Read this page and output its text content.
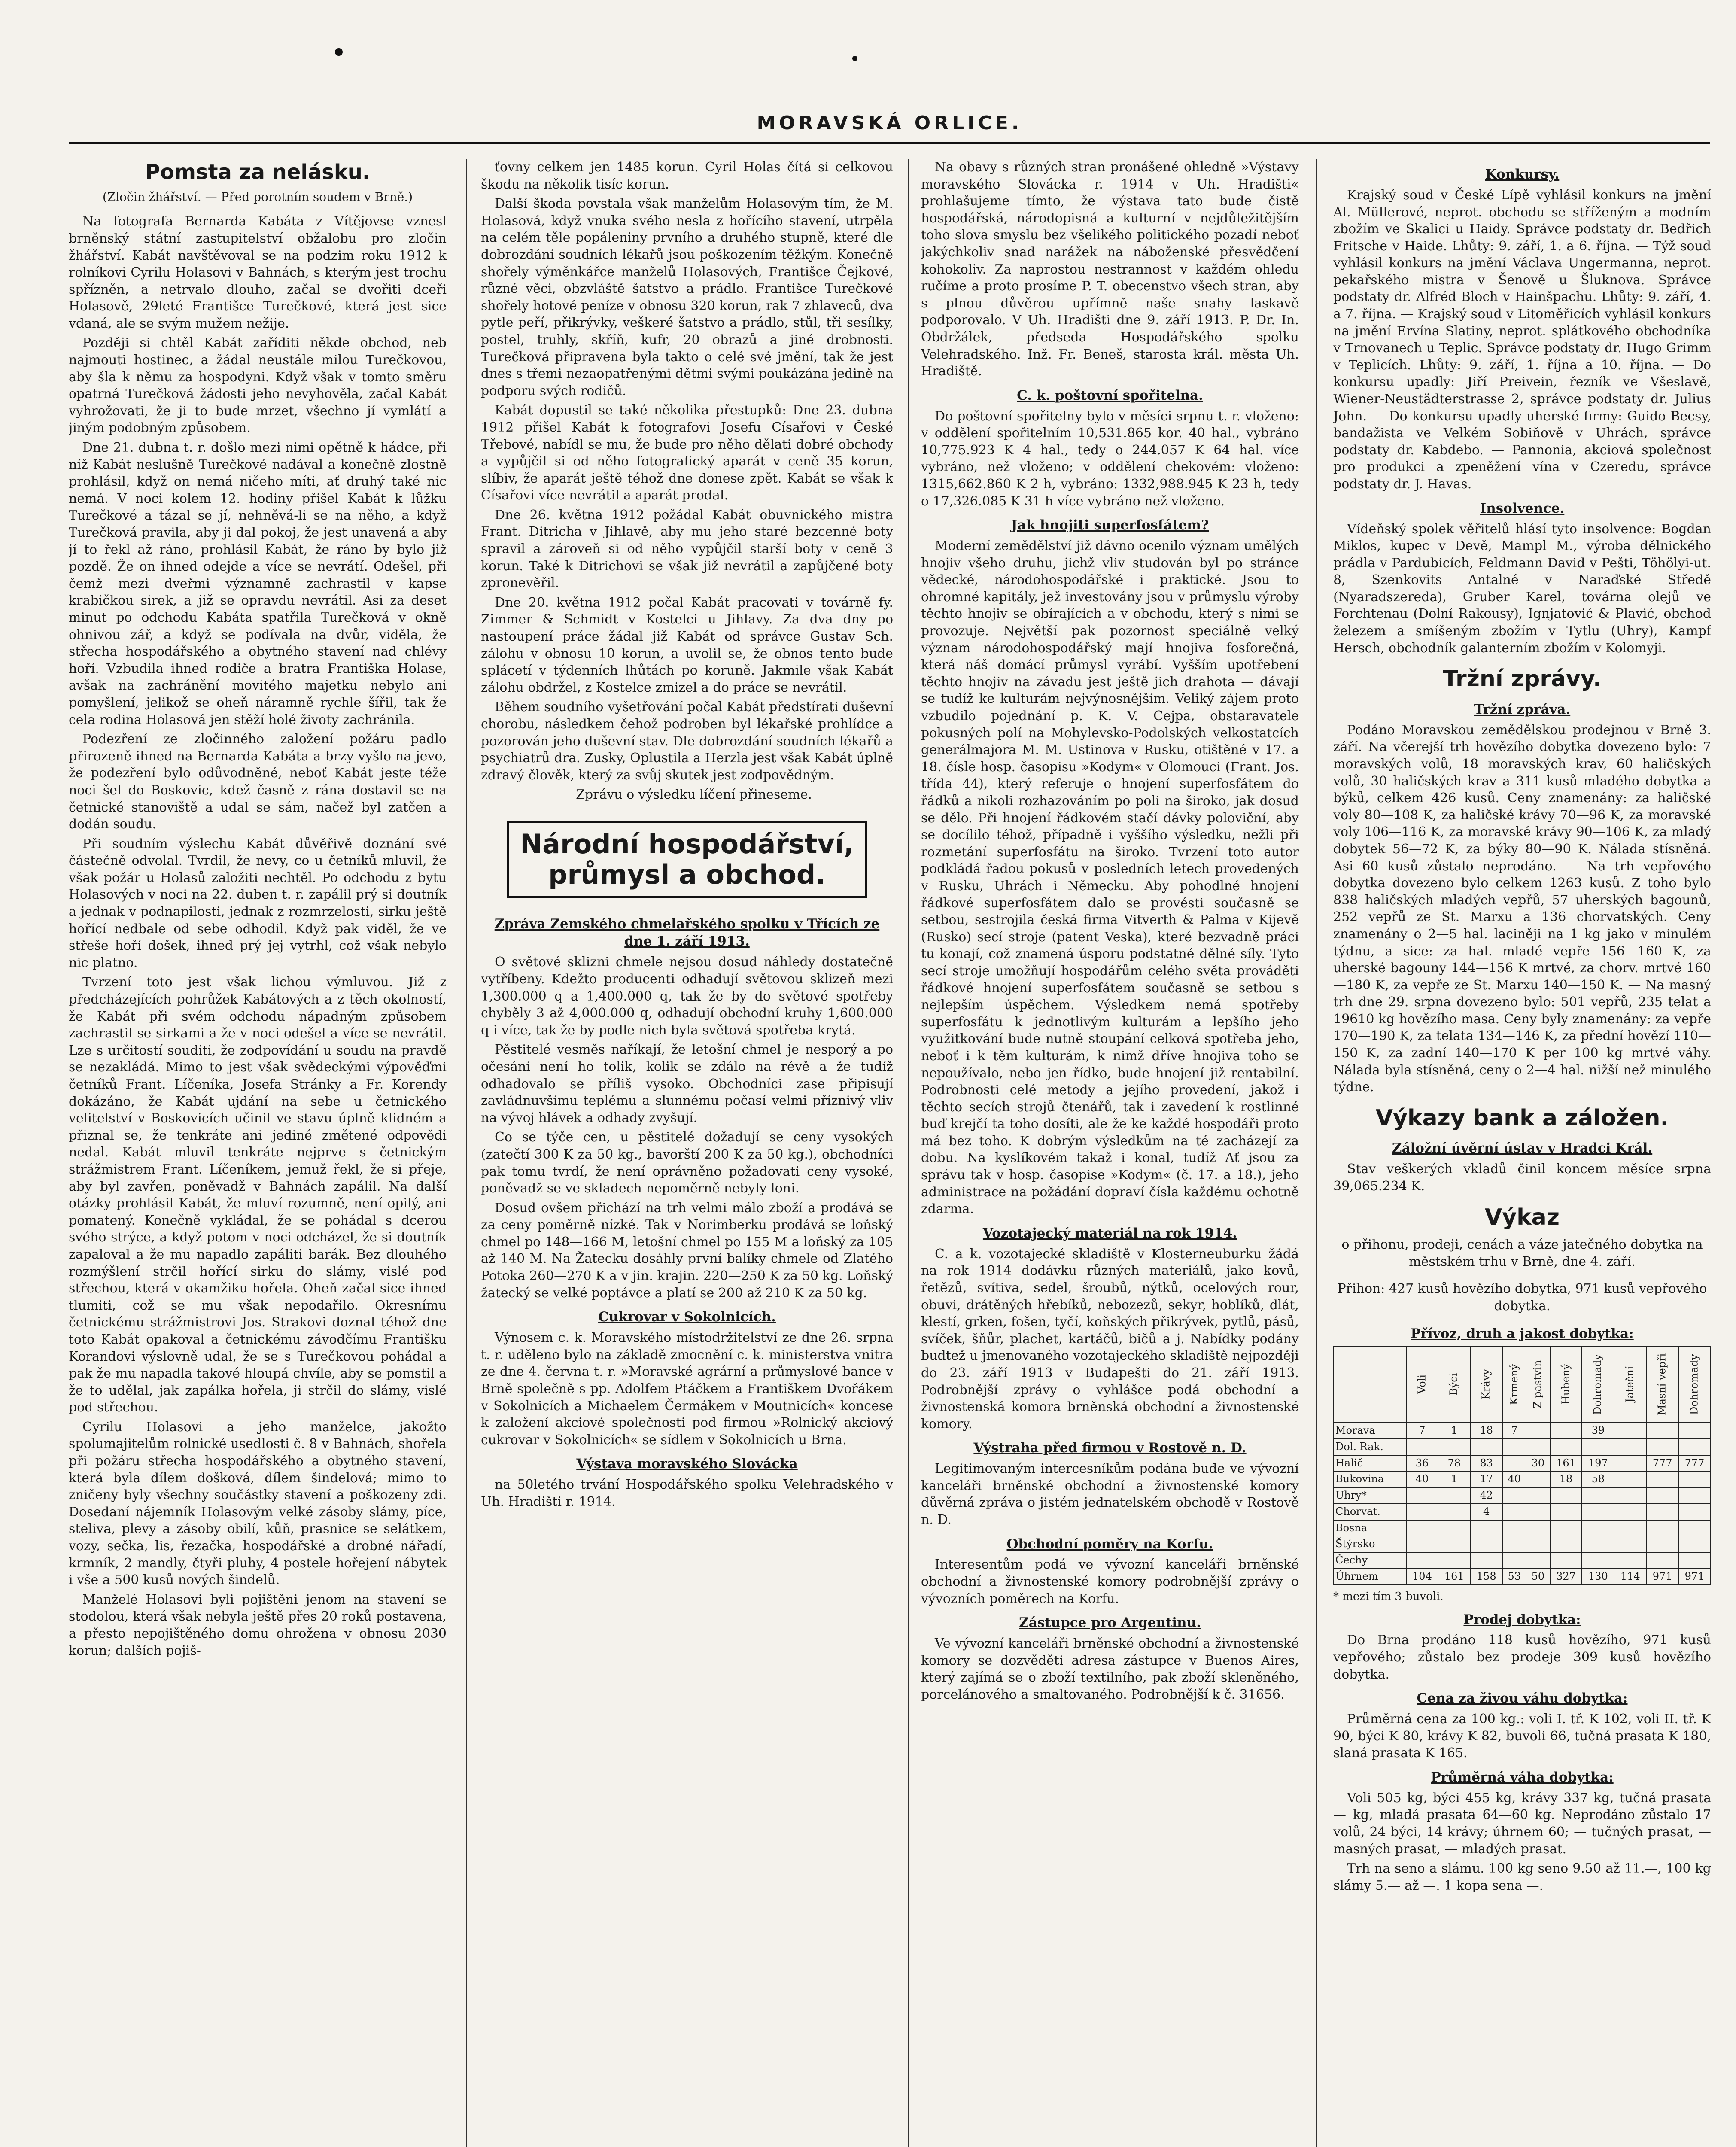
MORAVSKÁ ORLICE.
Pomsta za nelásku.
(Zločin žhářství. — Před porotním soudem v Brně.)

Na fotografa Bernarda Kabáta z Vítějovse vznesl brněnský státní zastupitelství obžalobu pro zločin žhářství. Kabát navštěvoval se na podzim roku 1912 k rolníkovi Cyrilu Holasovi v Bahnách, s kterým jest trochu spřízněn, a netrvalo dlouho, začal se dvořiti dceři Holasově, 29leté Františce Turečkové, která jest sice vdaná, ale se svým mužem nežije.

Později si chtěl Kabát zaříditi někde obchod, neb najmouti hostinec, a žádal neustále milou Turečkovou, aby šla k němu za hospodyni. Když však v tomto směru opatrná Turečková žádosti jeho nevyhověla, začal Kabát vyhrožovati, že ji to bude mrzet, všechno jí vymlátí a jiným podobným způsobem.

Dne 21. dubna t. r. došlo mezi nimi opětně k hádce, při níž Kabát neslušně Turečkové nadával a konečně zlostně prohlásil, když on nemá ničeho míti, ať druhý také nic nemá. V noci kolem 12. hodiny přišel Kabát k lůžku Turečkové a tázal se jí, nehněvá-li se na něho, a když Turečková pravila, aby ji dal pokoj, že jest unavená a aby jí to řekl až ráno, prohlásil Kabát, že ráno by bylo již pozdě. Že on ihned odejde a více se nevrátí. Odešel, při čemž mezi dveřmi významně zachrastil v kapse krabičkou sirek, a již se opravdu nevrátil. Asi za deset minut po odchodu Kabáta spatřila Turečková v okně ohnivou zář, a když se podívala na dvůr, viděla, že střecha hospodářského a obytného stavení nad chlévy hoří. Vzbudila ihned rodiče a bratra Františka Holase, avšak na zachránění movitého majetku nebylo ani pomyšlení, jelikož se oheň náramně rychle šířil, tak že cela rodina Holasová jen stěží holé životy zachránila.

Podezření ze zločinného založení požáru padlo přirozeně ihned na Bernarda Kabáta a brzy vyšlo na jevo, že podezření bylo odůvodněné, neboť Kabát jeste téže noci šel do Boskovic, kdež časně z rána dostavil se na četnické stanoviště a udal se sám, načež byl zatčen a dodán soudu.

Při soudním výslechu Kabát důvěřivě doznání své částečně odvolal. Tvrdil, že nevy, co u četníků mluvil, že však požár u Holasů založiti nechtěl. Po odchodu z bytu Holasových v noci na 22. duben t. r. zapálil prý si doutník a jednak v podnapilosti, jednak z rozmrzelosti, sirku ještě hořící nedbale od sebe odhodil. Když pak viděl, že ve střeše hoří došek, ihned prý jej vytrhl, což však nebylo nic platno.

Tvrzení toto jest však lichou výmluvou. Již z předcházejících pohrůžek Kabátových a z těch okolností, že Kabát při svém odchodu nápadným způsobem zachrastil se sirkami a že v noci odešel a více se nevrátil. Lze s určitostí souditi, že zodpovídání u soudu na pravdě se nezakládá. Mimo to jest však svědeckými výpověďmi četníků Frant. Líčeníka, Josefa Stránky a Fr. Korendy dokázáno, že Kabát ujdání na sebe u četnického velitelství v Boskovicích učinil ve stavu úplně klidném a přiznal se, že tenkráte ani jediné změtené odpovědi nedal. Kabát mluvil tenkráte nejprve s četnickým strážmistrem Frant. Líčeníkem, jemuž řekl, že si přeje, aby byl zavřen, poněvadž v Bahnách zapálil. Na další otázky prohlásil Kabát, že mluví rozumně, není opilý, ani pomatený. Konečně vykládal, že se pohádal s dcerou svého strýce, a když potom v noci odcházel, že si doutník zapaloval a že mu napadlo zapáliti barák. Bez dlouhého rozmýšlení strčil hořící sirku do slámy, vislé pod střechou, která v okamžiku hořela. Oheň začal sice ihned tlumiti, což se mu však nepodařilo. Okresnímu četnickému strážmistrovi Jos. Strakovi doznal téhož dne toto Kabát opakoval a četnickému závodčímu Františku Korandovi výslovně udal, že se s Turečkovou pohádal a pak že mu napadla takové hloupá chvíle, aby se pomstil a že to udělal, jak zapálka hořela, ji strčil do slámy, vislé pod střechou.

Cyrilu Holasovi a jeho manželce, jakožto spolumajitelům rolnické usedlosti č. 8 v Bahnách, shořela při požáru střecha hospodářského a obytného stavení, která byla dílem došková, dílem šindelová; mimo to zničeny byly všechny součástky stavení a poškozeny zdi. Dosedaní nájemník Holasovým velké zásoby slámy, píce, steliva, plevy a zásoby obilí, kůň, prasnice se selátkem, vozy, sečka, lis, řezačka, hospodářské a drobné nářadí, krmník, 2 mandly, čtyři pluhy, 4 postele hořejení nábytek i vše a 500 kusů nových šindelů.

Manželé Holasovi byli pojištěni jenom na stavení se stodolou, která však nebyla ještě přes 20 roků postavena, a přesto nepojištěného domu ohrožena v obnosu 2030 korun; dalších pojiš-

ťovny celkem jen 1485 korun. Cyril Holas čítá si celkovou škodu na několik tisíc korun.

Další škoda povstala však manželům Holasovým tím, že M. Holasová, když vnuka svého nesla z hořícího stavení, utrpěla na celém těle popáleniny prvního a druhého stupně, které dle dobrozdání soudních lékařů jsou poškozením těžkým. Konečně shořely výměnkářce manželů Holasových, Františce Čejkové, různé věci, obzvláště šatstvo a prádlo. Františce Turečkové shořely hotové peníze v obnosu 320 korun, rak 7 zhlaveců, dva pytle peří, přikrývky, veškeré šatstvo a prádlo, stůl, tři sesílky, postel, truhly, skříň, kufr, 20 obrazů a jiné drobnosti. Turečková připravena byla takto o celé své jmění, tak že jest dnes s třemi nezaopatřenými dětmi svými poukázána jedině na podporu svých rodičů.

Kabát dopustil se také několika přestupků: Dne 23. dubna 1912 přišel Kabát k fotografovi Josefu Císařovi v České Třebové, nabídl se mu, že bude pro něho dělati dobré obchody a vypůjčil si od něho fotografický aparát v ceně 35 korun, slíbiv, že aparát ještě téhož dne donese zpět. Kabát se však k Císařovi více nevrátil a aparát prodal.

Dne 26. května 1912 požádal Kabát obuvnického mistra Frant. Ditricha v Jihlavě, aby mu jeho staré bezcenné boty spravil a zároveň si od něho vypůjčil starší boty v ceně 3 korun. Také k Ditrichovi se však již nevrátil a zapůjčené boty zpronevěřil.

Dne 20. května 1912 počal Kabát pracovati v továrně fy. Zimmer & Schmidt v Kostelci u Jihlavy. Za dva dny po nastoupení práce žádal již Kabát od správce Gustav Sch. zálohu v obnosu 10 korun, a uvolil se, že obnos tento bude splácetí v týdenních lhůtách po koruně. Jakmile však Kabát zálohu obdržel, z Kostelce zmizel a do práce se nevrátil.

Během soudního vyšetřování počal Kabát předstírati duševní chorobu, následkem čehož podroben byl lékařské prohlídce a pozorován jeho duševní stav. Dle dobrozdání soudních lékařů a psychiatrů dra. Zusky, Oplustila a Herzla jest však Kabát úplně zdravý člověk, který za svůj skutek jest zodpovědným.

Zprávu o výsledku líčení přineseme.

Národní hospodářství, průmysl a obchod.
Zpráva Zemského chmelařského spolku v Třících ze dne 1. září 1913.

O světové sklizni chmele nejsou dosud náhledy dostatečně vytříbeny. Kdežto producenti odhadují světovou sklizeň mezi 1,300.000 q a 1,400.000 q, tak že by do světové spotřeby chyběly 3 až 4,000.000 q, odhadují obchodní kruhy 1,600.000 q i více, tak že by podle nich byla světová spotřeba krytá.

Pěstitelé vesměs naříkají, že letošní chmel je nesporý a po očesání není ho tolik, kolik se zdálo na révě a že tudíž odhadovalo se příliš vysoko. Obchodníci zase připisují zavládnuvšímu teplému a slunnému počasí velmi příznivý vliv na vývoj hlávek a odhady zvyšují.

Co se týče cen, u pěstitelé dožadují se ceny vysokých (zatečtí 300 K za 50 kg., bavorští 200 K za 50 kg.), obchodníci pak tomu tvrdí, že není oprávněno požadovati ceny vysoké, poněvadž se ve skladech nepoměrně nebyly loni.

Dosud ovšem přichází na trh velmi málo zboží a prodává se za ceny poměrně nízké. Tak v Norimberku prodává se loňský chmel po 148—166 M, letošní chmel po 155 M a loňský za 105 až 140 M. Na Žatecku dosáhly první balíky chmele od Zlatého Potoka 260—270 K a v jin. krajin. 220—250 K za 50 kg. Loňský žatecký se velké poptávce a platí se 200 až 210 K za 50 kg.

Cukrovar v Sokolnicích.

Výnosem c. k. Moravského místodržitelství ze dne 26. srpna t. r. uděleno bylo na základě zmocnění c. k. ministerstva vnitra ze dne 4. června t. r. »Moravské agrární a průmyslové bance v Brně společně s pp. Adolfem Ptáčkem a Františkem Dvořákem v Sokolnicích a Michaelem Čermákem v Moutnicích« koncese k založení akciové společnosti pod firmou »Rolnický akciový cukrovar v Sokolnicích« se sídlem v Sokolnicích u Brna.

Výstava moravského Slovácka

na 50letého trvání Hospodářského spolku Velehradského v Uh. Hradišti r. 1914.

Na obavy s různých stran pronášené ohledně »Výstavy moravského Slovácka r. 1914 v Uh. Hradišti« prohlašujeme tímto, že výstava tato bude čistě hospodářská, národopisná a kulturní v nejdůležitějším toho slova smyslu bez všelikého politického pozadí neboť jakýchkoliv snad narážek na náboženské přesvědčení kohokoliv. Za naprostou nestrannost v každém ohledu ručíme a proto prosíme P. T. obecenstvo všech stran, aby s plnou důvěrou upřímně naše snahy laskavě podporovalo. V Uh. Hradišti dne 9. září 1913. P. Dr. In. Obdržálek, předseda Hospodářského spolku Velehradského. Inž. Fr. Beneš, starosta král. města Uh. Hradiště.

C. k. poštovní spořitelna.

Do poštovní spořitelny bylo v měsíci srpnu t. r. vloženo: v oddělení spořitelním 10,531.865 kor. 40 hal., vybráno 10,775.923 K 4 hal., tedy o 244.057 K 64 hal. více vybráno, než vloženo; v oddělení chekovém: vloženo: 1315,662.860 K 2 h, vybráno: 1332,988.945 K 23 h, tedy o 17,326.085 K 31 h více vybráno než vloženo.

Jak hnojiti superfosfátem?

Moderní zemědělství již dávno ocenilo význam umělých hnojiv všeho druhu, jichž vliv studován byl po stránce vědecké, národohospodářské i praktické. Jsou to ohromné kapitály, jež investovány jsou v průmyslu výroby těchto hnojiv se obírajících a v obchodu, který s nimi se provozuje. Největší pak pozornost speciálně velký význam národohospodářský mají hnojiva fosforečná, která náš domácí průmysl vyrábí. Vyšším upotřebení těchto hnojiv na závadu jest ještě jich drahota — dávají se tudíž ke kulturám nejvýnosnějším. Veliký zájem proto vzbudilo pojednání p. K. V. Cejpa, obstaravatele pokusných polí na Mohylevsko-Podolských velkostatcích generálmajora M. M. Ustinova v Rusku, otištěné v 17. a 18. čísle hosp. časopisu »Kodym« v Olomouci (Frant. Jos. třída 44), který referuje o hnojení superfosfátem do řádků a nikoli rozhazováním po poli na široko, jak dosud se dělo. Při hnojení řádkovém stačí dávky poloviční, aby se docílilo téhož, případně i vyššího výsledku, nežli při rozmetání superfosfátu na široko. Tvrzení toto autor podkládá řadou pokusů v posledních letech provedených v Rusku, Uhrách i Německu. Aby pohodlné hnojení řádkové superfosfátem dalo se provésti současně se setbou, sestrojila česká firma Vitverth & Palma v Kijevě (Rusko) secí stroje (patent Veska), které bezvadně práci tu konají, což znamená úsporu podstatné dělné síly. Tyto secí stroje umožňují hospodářům celého světa prováděti řádkové hnojení superfosfátem současně se setbou s nejlepším úspěchem. Výsledkem nemá spotřeby superfosfátu k jednotlivým kulturám a lepšího jeho využitkování bude nutně stoupání celková spotřeba jeho, neboť i k těm kulturám, k nimž dříve hnojiva toho se nepoužívalo, nebo jen řídko, bude hnojení již rentabilní. Podrobnosti celé metody a jejího provedení, jakož i těchto secích strojů čtenářů, tak i zavedení k rostlinné buď krejčí ta toho dosíti, ale že ke každé hospodáři proto má bez toho. K dobrým výsledkům na té zacházejí za dobu. Na kyslíkovém takaž i konal, tudíž Ať jsou za správu tak v hosp. časopise »Kodym« (č. 17. a 18.), jeho administrace na požádání dopraví čísla každému ochotně zdarma.

Vozotajecký materiál na rok 1914.

C. a k. vozotajecké skladiště v Klosterneuburku žádá na rok 1914 dodávku různých materiálů, jako kovů, řetězů, svítiva, sedel, šroubů, nýtků, ocelových rour, obuvi, drátěných hřebíků, nebozezů, sekyr, hoblíků, dlát, klestí, grken, fošen, tyčí, koňských přikrývek, pytlů, pásů, svíček, šňůr, plachet, kartáčů, bičů a j. Nabídky podány budtež u jmenovaného vozotajeckého skladiště nejpozději do 23. září 1913 v Budapešti do 21. září 1913. Podrobnější zprávy o vyhlášce podá obchodní a živnostenská komora brněnská obchodní a živnostenské komory.

Výstraha před firmou v Rostově n. D.

Legitimovaným intercesníkům podána bude ve vývozní kanceláři brněnské obchodní a živnostenské komory důvěrná zpráva o jistém jednatelském obchodě v Rostově n. D.

Obchodní poměry na Korfu.

Interesentům podá ve vývozní kanceláři brněnské obchodní a živnostenské komory podrobnější zprávy o vývozních poměrech na Korfu.

Zástupce pro Argentinu.

Ve vývozní kanceláři brněnské obchodní a živnostenské komory se dozvěděti adresa zástupce v Buenos Aires, který zajímá se o zboží textilního, pak zboží skleněného, porcelánového a smaltovaného. Podrobnější k č. 31656.

Konkursy.

Krajský soud v České Lípě vyhlásil konkurs na jmění Al. Müllerové, neprot. obchodu se stříženým a modním zbožím ve Skalici u Haidy. Správce podstaty dr. Bedřich Fritsche v Haide. Lhůty: 9. září, 1. a 6. října. — Týž soud vyhlásil konkurs na jmění Václava Ungermanna, neprot. pekařského mistra v Šenově u Šluknova. Správce podstaty dr. Alfréd Bloch v Hainšpachu. Lhůty: 9. září, 4. a 7. října. — Krajský soud v Litoměřicích vyhlásil konkurs na jmění Ervína Slatiny, neprot. splátkového obchodníka v Trnovanech u Teplic. Správce podstaty dr. Hugo Grimm v Teplicích. Lhůty: 9. září, 1. října a 10. října. — Do konkursu upadly: Jiří Preivein, řezník ve Všeslavě, Wiener-Neustädterstrasse 2, správce podstaty dr. Julius John. — Do konkursu upadly uherské firmy: Guido Becsy, bandažista ve Velkém Sobiňově v Uhrách, správce podstaty dr. Kabdebo. — Pannonia, akciová společnost pro produkci a zpeněžení vína v Czeredu, správce podstaty dr. J. Havas.

Insolvence.

Vídeňský spolek věřitelů hlásí tyto insolvence: Bogdan Miklos, kupec v Devě, Mampl M., výroba dělnického prádla v Pardubicích, Feldmann David v Pešti, Töhölyi-ut. 8, Szenkovits Antalné v Naraďské Středě (Nyaradszereda), Gruber Karel, továrna olejů ve Forchtenau (Dolní Rakousy), Ignjatović & Plavić, obchod železem a smíšeným zbožím v Tytlu (Uhry), Kampf Hersch, obchodník galanterním zbožím v Kolomyji.

Tržní zprávy.
Tržní zpráva.

Podáno Moravskou zemědělskou prodejnou v Brně 3. září. Na včerejší trh hovězího dobytka dovezeno bylo: 7 moravských volů, 18 moravských krav, 60 haličských volů, 30 haličských krav a 311 kusů mladého dobytka a býků, celkem 426 kusů. Ceny znamenány: za haličské voly 80—108 K, za haličské krávy 70—96 K, za moravské voly 106—116 K, za moravské krávy 90—106 K, za mladý dobytek 56—72 K, za býky 80—90 K. Nálada stísněná. Asi 60 kusů zůstalo neprodáno. — Na trh vepřového dobytka dovezeno bylo celkem 1263 kusů. Z toho bylo 838 haličských mladých vepřů, 57 uherských bagounů, 252 vepřů ze St. Marxu a 136 chorvatských. Ceny znamenány o 2—5 hal. laciněji na 1 kg jako v minulém týdnu, a sice: za hal. mladé vepře 156—160 K, za uherské bagouny 144—156 K mrtvé, za chorv. mrtvé 160—180 K, za vepře ze St. Marxu 140—150 K. — Na masný trh dne 29. srpna dovezeno bylo: 501 vepřů, 235 telat a 19610 kg hovězího masa. Ceny byly znamenány: za vepře 170—190 K, za telata 134—146 K, za přední hovězí 110—150 K, za zadní 140—170 K per 100 kg mrtvé váhy. Nálada byla stísněná, ceny o 2—4 hal. nižší než minulého týdne.

Výkazy bank a záložen.
Záložní úvěrní ústav v Hradci Král.

Stav veškerých vkladů činil koncem měsíce srpna 39,065.234 K.

Výkaz
o přihonu, prodeji, cenách a váze jatečného dobytka na městském trhu v Brně, dne 4. září.
Přihon: 427 kusů hovězího dobytka, 971 kusů vepřového dobytka.
Přívoz, druh a jakost dobytka:
	Voli	Býci	Krávy	Krmený	Z pastvin	Hubený	Dohromady	Jateční	Masní vepři	Dohromady
Morava	7	1	18	7			39			
Dol. Rak.										
Halič	36	78	83		30	161	197		777	777
Bukovina	40	1	17	40		18	58			
Uhry*			42							
Chorvat.			4							
Bosna										
Štýrsko										
Čechy										
Úhrnem	104	161	158	53	50	327	130	114	971	971
* mezi tím 3 buvoli.
Prodej dobytka:

Do Brna prodáno 118 kusů hovězího, 971 kusů vepřového; zůstalo bez prodeje 309 kusů hovězího dobytka.

Cena za živou váhu dobytka:

Průměrná cena za 100 kg.: voli I. tř. K 102, voli II. tř. K 90, býci K 80, krávy K 82, buvoli 66, tučná prasata K 180, slaná prasata K 165.

Průměrná váha dobytka:

Voli 505 kg, býci 455 kg, krávy 337 kg, tučná prasata — kg, mladá prasata 64—60 kg. Neprodáno zůstalo 17 volů, 24 býci, 14 krávy; úhrnem 60; — tučných prasat, — masných prasat, — mladých prasat.

Trh na seno a slámu. 100 kg seno 9.50 až 11.—, 100 kg slámy 5.— až —. 1 kopa sena —.
